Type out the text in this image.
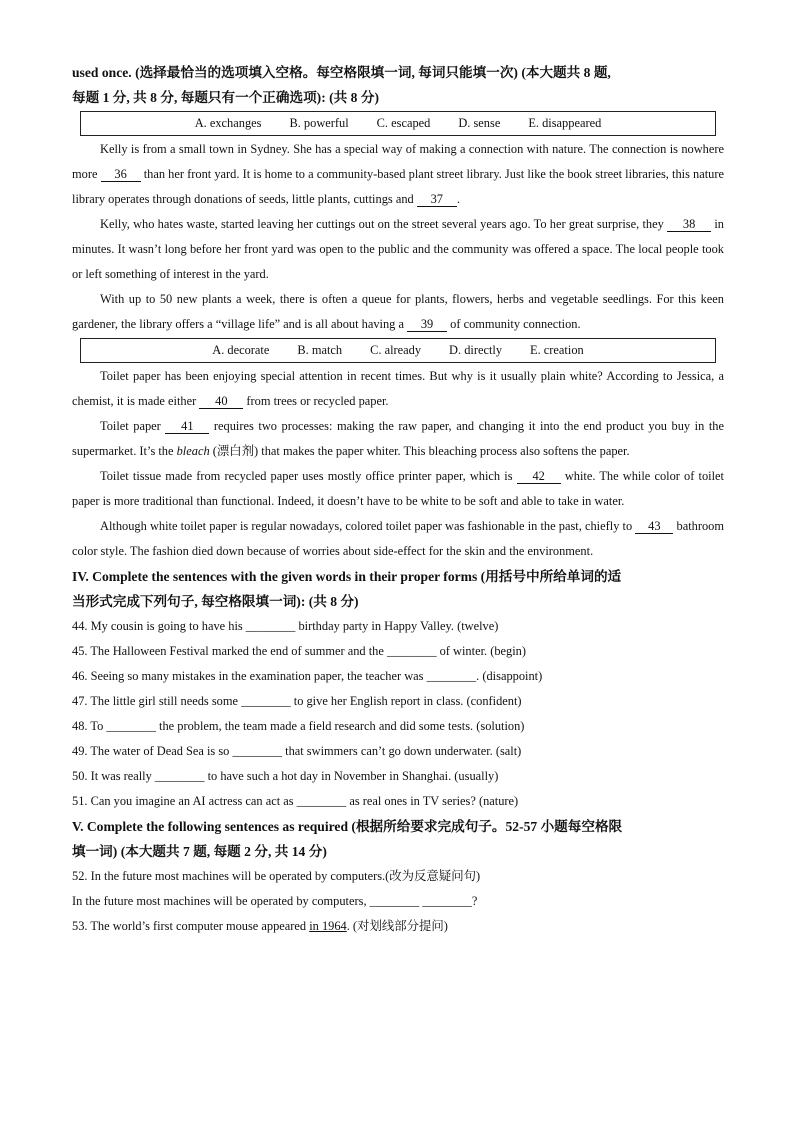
used once. (选择最恰当的选项填入空格。每空格限填一词, 每词只能填一次) (本大题共 8 题,

每题 1 分, 共 8 分, 每题只有一个正确选项): (共 8 分)

A. exchanges B. powerful C. escaped D. sense E. disappeared

Kelly is from a small town in Sydney. She has a special way of making a connection with nature. The connection is nowhere more 36 than her front yard. It is home to a community-based plant street library. Just like the book street libraries, this nature library operates through donations of seeds, little plants, cuttings and 37 .

Kelly, who hates waste, started leaving her cuttings out on the street several years ago. To her great surprise, they 38 in minutes. It wasn’t long before her front yard was open to the public and the community was offered a space. The local people took or left something of interest in the yard.

With up to 50 new plants a week, there is often a queue for plants, flowers, herbs and vegetable seedlings. For this keen gardener, the library offers a “village life” and is all about having a 39 of community connection.

A. decorate B. match C. already D. directly E. creation

Toilet paper has been enjoying special attention in recent times. But why is it usually plain white? According to Jessica, a chemist, it is made either 40 from trees or recycled paper.

Toilet paper 41 requires two processes: making the raw paper, and changing it into the end product you buy in the supermarket. It’s the bleach (漂白剂) that makes the paper whiter. This bleaching process also softens the paper.

Toilet tissue made from recycled paper uses mostly office printer paper, which is 42 white. The while color of toilet paper is more traditional than functional. Indeed, it doesn’t have to be white to be soft and able to take in water.

Although white toilet paper is regular nowadays, colored toilet paper was fashionable in the past, chiefly to 43 bathroom color style. The fashion died down because of worries about side-effect for the skin and the environment.

IV. Complete the sentences with the given words in their proper forms (用括号中所给单词的适

当形式完成下列句子, 每空格限填一词): (共 8 分)

44. My cousin is going to have his ________ birthday party in Happy Valley. (twelve)

45. The Halloween Festival marked the end of summer and the ________ of winter. (begin)

46. Seeing so many mistakes in the examination paper, the teacher was ________. (disappoint)

47. The little girl still needs some ________ to give her English report in class. (confident)

48. To ________ the problem, the team made a field research and did some tests. (solution)

49. The water of Dead Sea is so ________ that swimmers can’t go down underwater. (salt)

50. It was really ________ to have such a hot day in November in Shanghai. (usually)

51. Can you imagine an AI actress can act as ________ as real ones in TV series? (nature)

V. Complete the following sentences as required (根据所给要求完成句子。52-57 小题每空格限

填一词) (本大题共 7 题, 每题 2 分, 共 14 分)

52. In the future most machines will be operated by computers.(改为反意疑问句)

In the future most machines will be operated by computers, ________ ________?

53. The world’s first computer mouse appeared in 1964. (对划线部分提问)
